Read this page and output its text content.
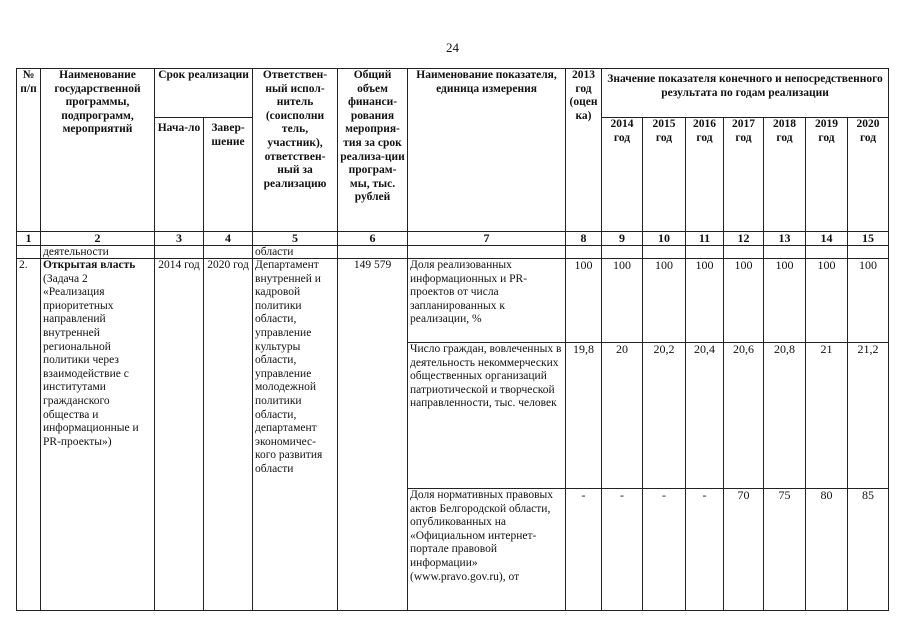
24
№ п/п	Наименование государственной программы, подпрограмм, мероприятий	Срок реализации		Ответствен-ный испол-нитель (соисполни тель, участник), ответствен-ный за реализацию	Общий объем финанси-рования мероприя-тия за срок реализа-ции програм-мы, тыс. рублей	Наименование показателя, единица измерения	2013 год (оцен ка)	Значение показателя конечного и непосредственного результата по годам реализации						
		Нача-ло	Завер-шение					2014 год	2015 год	2016 год	2017 год	2018 год	2019 год	2020 год
1	2	3	4	5	6	7	8	9	10	11	12	13	14	15
	деятельности			области										
2.	Открытая власть (Задача 2 «Реализация приоритетных направлений внутренней региональной политики через взаимодействие с институтами гражданского общества и информационные и PR-проекты»)	2014 год	2020 год	Департамент внутренней и кадровой политики области, управление культуры области, управление молодежной политики области, департамент экономичес-кого развития области	149 579	Доля реализованных информационных и PR-проектов от числа запланированных к реализации, %	100	100	100	100	100	100	100	100
						Число граждан, вовлеченных в деятельность некоммерческих общественных организаций патриотической и творческой направленности, тыс. человек	19,8	20	20,2	20,4	20,6	20,8	21	21,2
						Доля нормативных правовых актов Белгородской области, опубликованных на «Официальном интернет-портале правовой информации» (www.pravo.gov.ru), от	-	-	-	-	70	75	80	85
